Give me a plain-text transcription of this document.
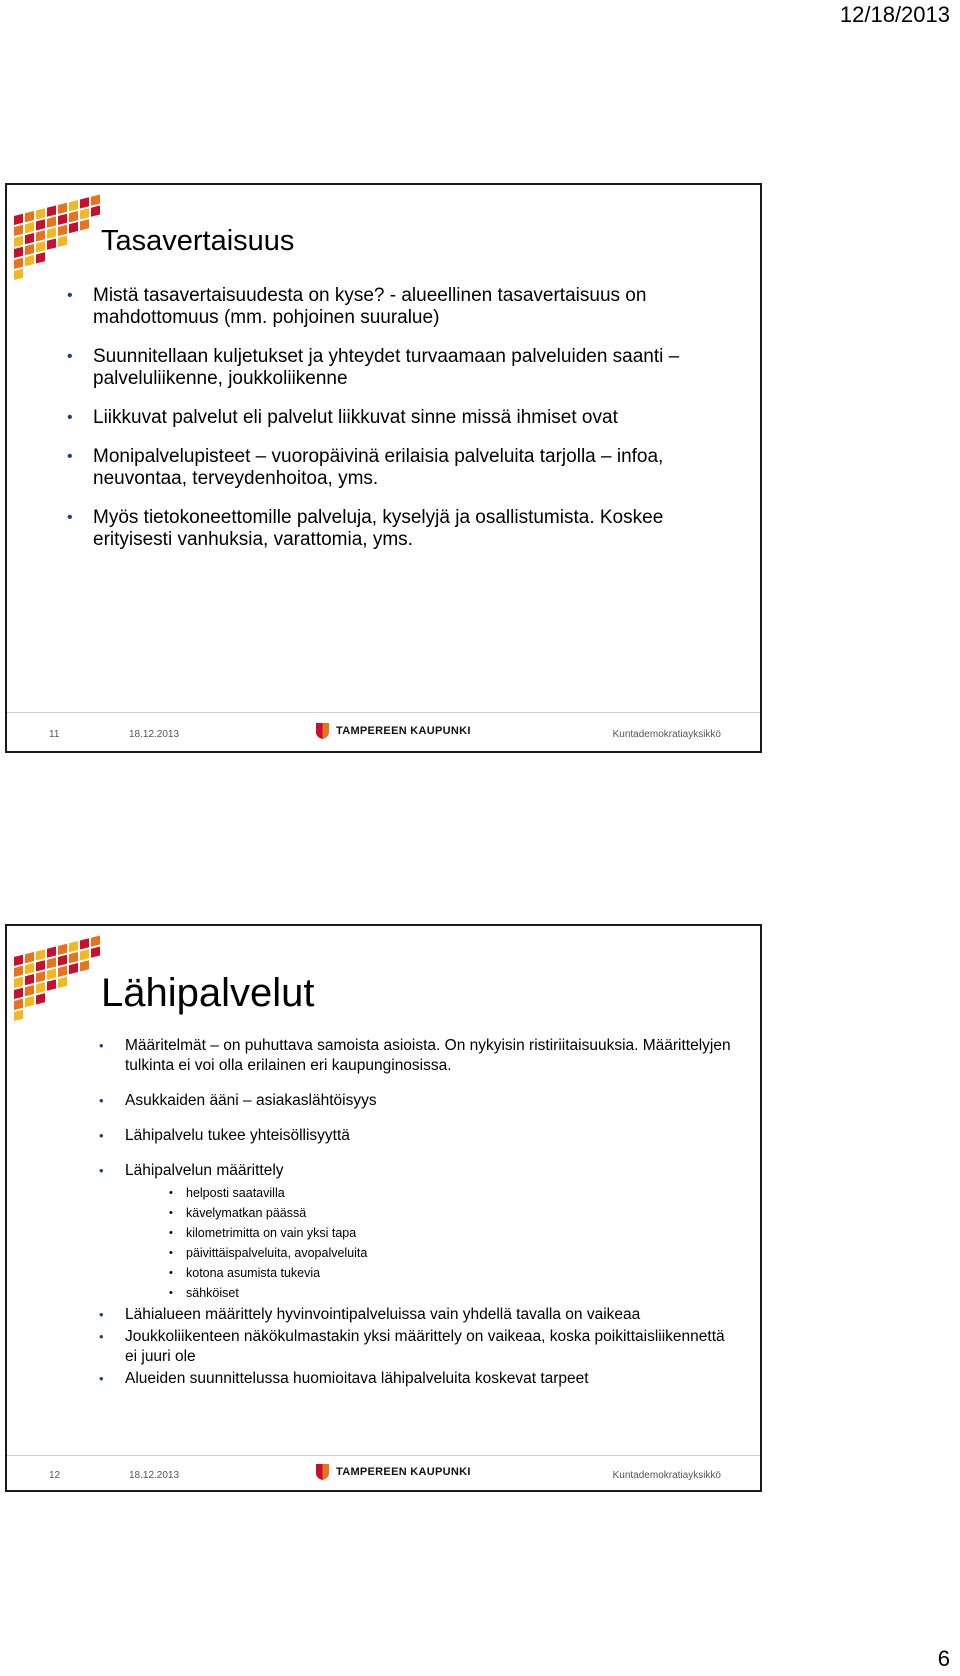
12/18/2013
Tasavertaisuus
• Mistä tasavertaisuudesta on kyse? - alueellinen tasavertaisuus on mahdottomuus (mm. pohjoinen suuralue)
• Suunnitellaan kuljetukset ja yhteydet turvaamaan palveluiden saanti – palveluliikenne, joukkoliikenne
• Liikkuvat palvelut eli palvelut liikkuvat sinne missä ihmiset ovat
• Monipalvelupisteet – vuoropäivinä erilaisia palveluita tarjolla – infoa, neuvontaa, terveydenhoitoa, yms.
• Myös tietokoneettomille palveluja, kyselyjä ja osallistumista. Koskee erityisesti vanhuksia, varattomia, yms.
11	18.12.2013	TAMPEREEN KAUPUNKI	Kuntademokratiayksikkö
Lähipalvelut
• Määritelmät – on puhuttava samoista asioista. On nykyisin ristiriitaisuuksia. Määrittelyjen tulkinta ei voi olla erilainen eri kaupunginosissa.
• Asukkaiden ääni – asiakaslähtöisyys
• Lähipalvelu tukee yhteisöllisyyttä
• Lähipalvelun määrittely
• helposti saatavilla
• kävelymatkan päässä
• kilometrimitta on vain yksi tapa
• päivittäispalveluita, avopalveluita
• kotona asumista tukevia
• sähköiset
• Lähialueen määrittely hyvinvointipalveluissa vain yhdellä tavalla on vaikeaa
• Joukkoliikenteen näkökulmastakin yksi määrittely on vaikeaa, koska poikittaisliikennettä ei juuri ole
• Alueiden suunnittelussa huomioitava lähipalveluita koskevat tarpeet
12	18.12.2013	TAMPEREEN KAUPUNKI	Kuntademokratiayksikkö
6
